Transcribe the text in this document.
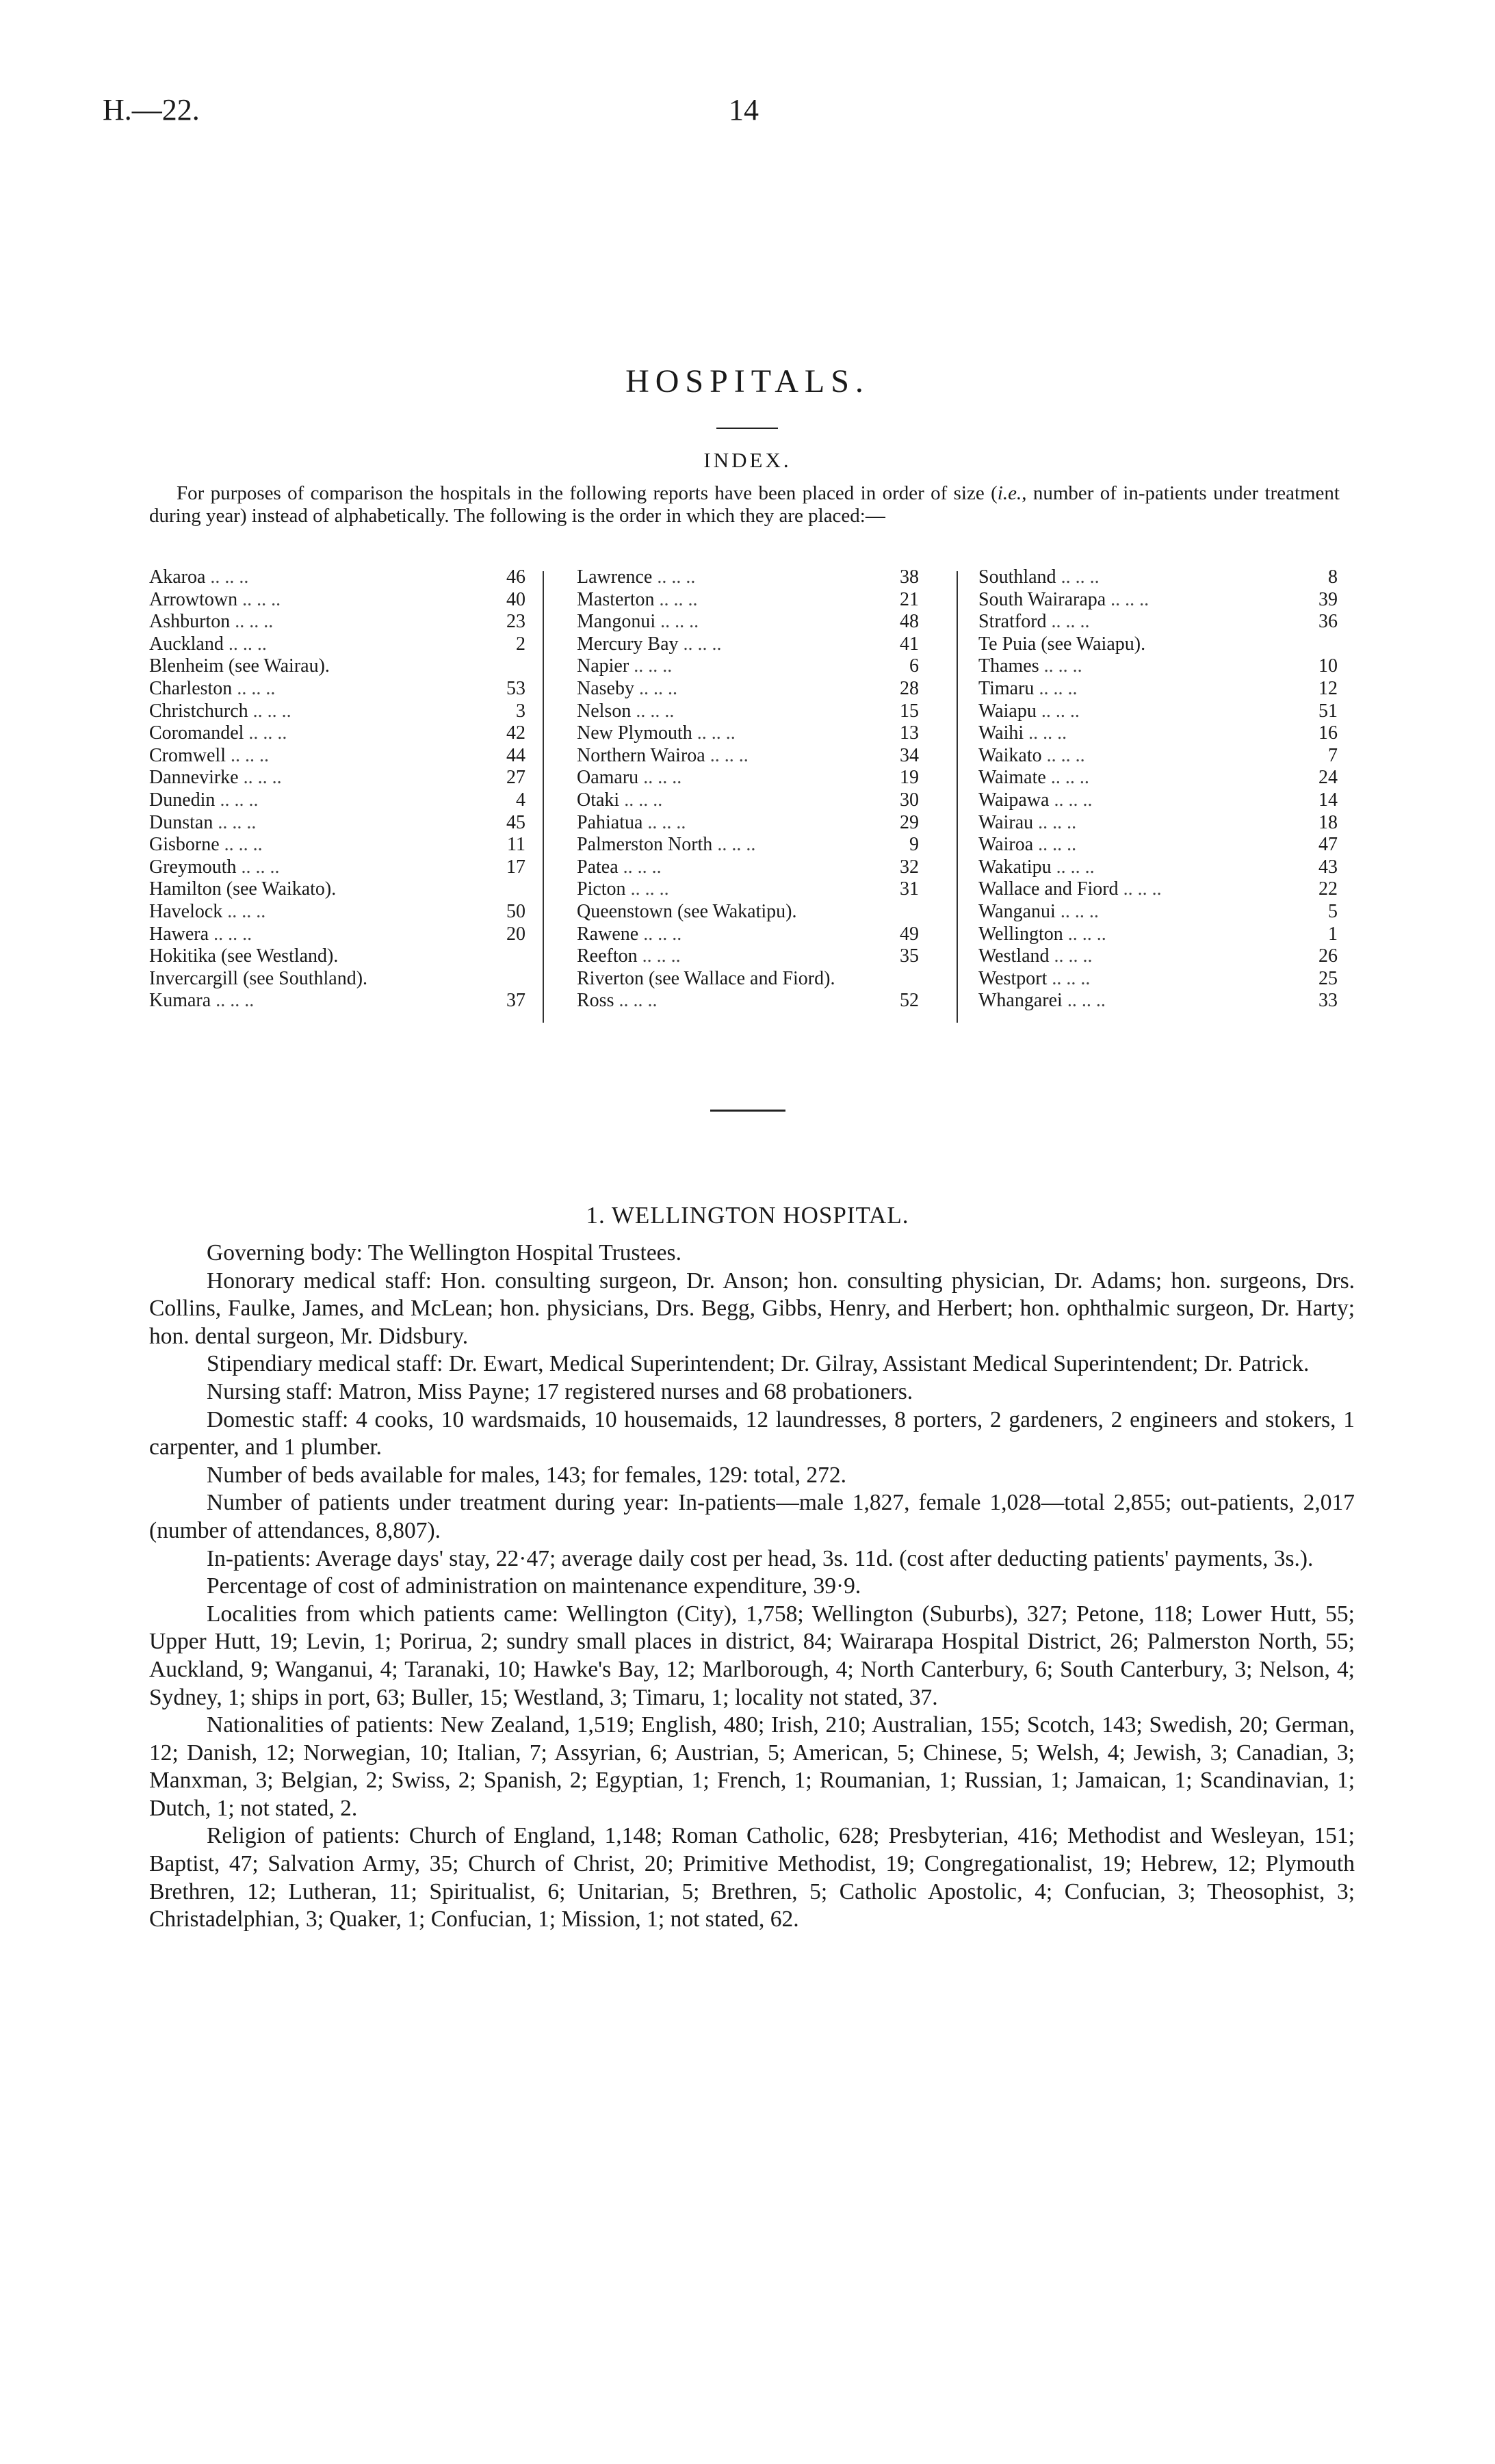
H.—22.	14
HOSPITALS.
INDEX.

For purposes of comparison the hospitals in the following reports have been placed in order of size (i.e., number of in-patients under treatment during year) instead of alphabetically. The following is the order in which they are placed:—

Akaroa .. .. ..	46
Arrowtown .. .. ..	40
Ashburton .. .. ..	23
Auckland .. .. ..	2
Blenheim (see Wairau).
Charleston .. .. ..	53
Christchurch .. .. ..	3
Coromandel .. .. ..	42
Cromwell .. .. ..	44
Dannevirke .. .. ..	27
Dunedin .. .. ..	4
Dunstan .. .. ..	45
Gisborne .. .. ..	11
Greymouth .. .. ..	17
Hamilton (see Waikato).
Havelock .. .. ..	50
Hawera .. .. ..	20
Hokitika (see Westland).
Invercargill (see Southland).
Kumara .. .. ..	37
Lawrence .. .. ..	38
Masterton .. .. ..	21
Mangonui .. .. ..	48
Mercury Bay .. .. ..	41
Napier .. .. ..	6
Naseby .. .. ..	28
Nelson .. .. ..	15
New Plymouth .. .. ..	13
Northern Wairoa .. .. ..	34
Oamaru .. .. ..	19
Otaki .. .. ..	30
Pahiatua .. .. ..	29
Palmerston North .. .. ..	9
Patea .. .. ..	32
Picton .. .. ..	31
Queenstown (see Wakatipu).
Rawene .. .. ..	49
Reefton .. .. ..	35
Riverton (see Wallace and Fiord).
Ross .. .. ..	52
Southland .. .. ..	8
South Wairarapa .. .. ..	39
Stratford .. .. ..	36
Te Puia (see Waiapu).
Thames .. .. ..	10
Timaru .. .. ..	12
Waiapu .. .. ..	51
Waihi .. .. ..	16
Waikato .. .. ..	7
Waimate .. .. ..	24
Waipawa .. .. ..	14
Wairau .. .. ..	18
Wairoa .. .. ..	47
Wakatipu .. .. ..	43
Wallace and Fiord .. .. ..	22
Wanganui .. .. ..	5
Wellington .. .. ..	1
Westland .. .. ..	26
Westport .. .. ..	25
Whangarei .. .. ..	33
1. WELLINGTON HOSPITAL.

Governing body: The Wellington Hospital Trustees.

Honorary medical staff: Hon. consulting surgeon, Dr. Anson; hon. consulting physician, Dr. Adams; hon. surgeons, Drs. Collins, Faulke, James, and McLean; hon. physicians, Drs. Begg, Gibbs, Henry, and Herbert; hon. ophthalmic surgeon, Dr. Harty; hon. dental surgeon, Mr. Didsbury.

Stipendiary medical staff: Dr. Ewart, Medical Superintendent; Dr. Gilray, Assistant Medical Superintendent; Dr. Patrick.

Nursing staff: Matron, Miss Payne; 17 registered nurses and 68 probationers.

Domestic staff: 4 cooks, 10 wardsmaids, 10 housemaids, 12 laundresses, 8 porters, 2 gardeners, 2 engineers and stokers, 1 carpenter, and 1 plumber.

Number of beds available for males, 143; for females, 129: total, 272.

Number of patients under treatment during year: In-patients—male 1,827, female 1,028—total 2,855; out-patients, 2,017 (number of attendances, 8,807).

In-patients: Average days' stay, 22·47; average daily cost per head, 3s. 11d. (cost after deducting patients' payments, 3s.).

Percentage of cost of administration on maintenance expenditure, 39·9.

Localities from which patients came: Wellington (City), 1,758; Wellington (Suburbs), 327; Petone, 118; Lower Hutt, 55; Upper Hutt, 19; Levin, 1; Porirua, 2; sundry small places in district, 84; Wairarapa Hospital District, 26; Palmerston North, 55; Auckland, 9; Wanganui, 4; Taranaki, 10; Hawke's Bay, 12; Marlborough, 4; North Canterbury, 6; South Canterbury, 3; Nelson, 4; Sydney, 1; ships in port, 63; Buller, 15; Westland, 3; Timaru, 1; locality not stated, 37.

Nationalities of patients: New Zealand, 1,519; English, 480; Irish, 210; Australian, 155; Scotch, 143; Swedish, 20; German, 12; Danish, 12; Norwegian, 10; Italian, 7; Assyrian, 6; Austrian, 5; American, 5; Chinese, 5; Welsh, 4; Jewish, 3; Canadian, 3; Manxman, 3; Belgian, 2; Swiss, 2; Spanish, 2; Egyptian, 1; French, 1; Roumanian, 1; Russian, 1; Jamaican, 1; Scandinavian, 1; Dutch, 1; not stated, 2.

Religion of patients: Church of England, 1,148; Roman Catholic, 628; Presbyterian, 416; Methodist and Wesleyan, 151; Baptist, 47; Salvation Army, 35; Church of Christ, 20; Primitive Methodist, 19; Congregationalist, 19; Hebrew, 12; Plymouth Brethren, 12; Lutheran, 11; Spiritualist, 6; Unitarian, 5; Brethren, 5; Catholic Apostolic, 4; Confucian, 3; Theosophist, 3; Christadelphian, 3; Quaker, 1; Confucian, 1; Mission, 1; not stated, 62.
